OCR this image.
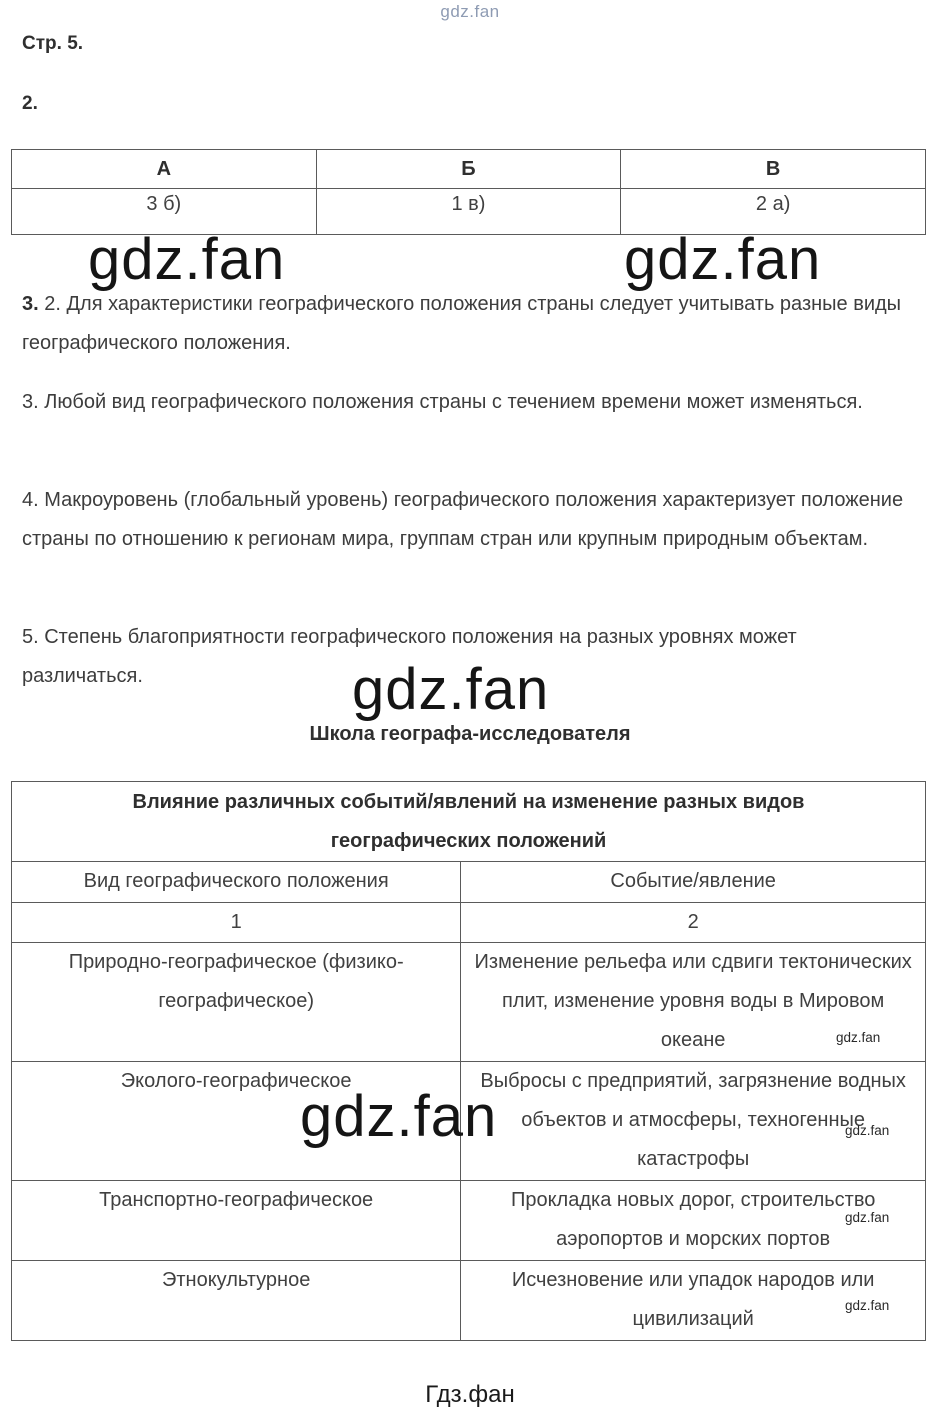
gdz.fan
Стр. 5.
2.
А	Б	В
3 б)	1 в)	2 а)
gdz.fan	gdz.fan
3. 2. Для характеристики географического положения страны следует учитывать разные виды географического положения.
3. Любой вид географического положения страны с течением времени может изменяться.
4. Макроуровень (глобальный уровень) географического положения характеризует положение страны по отношению к регионам мира, группам стран или крупным природным объектам.
5. Степень благоприятности географического положения на разных уровнях может различаться.	gdz.fan
Школа географа-исследователя
Влияние различных событий/явлений на изменение разных видов географических положений	
Вид географического положения	Событие/явление
1	2
Природно-географическое (физико-географическое)	Изменение рельефа или сдвиги тектонических плит, изменение уровня воды в Мировом океане
Эколого-географическое	Выбросы с предприятий, загрязнение водных объектов и атмосферы, техногенные катастрофы
Транспортно-географическое	Прокладка новых дорог, строительство аэропортов и морских портов
Этнокультурное	Исчезновение или упадок народов или цивилизаций
gdz.fan
gdz.fan
gdz.fan
gdz.fan
gdz.fan
Гдз.фан
